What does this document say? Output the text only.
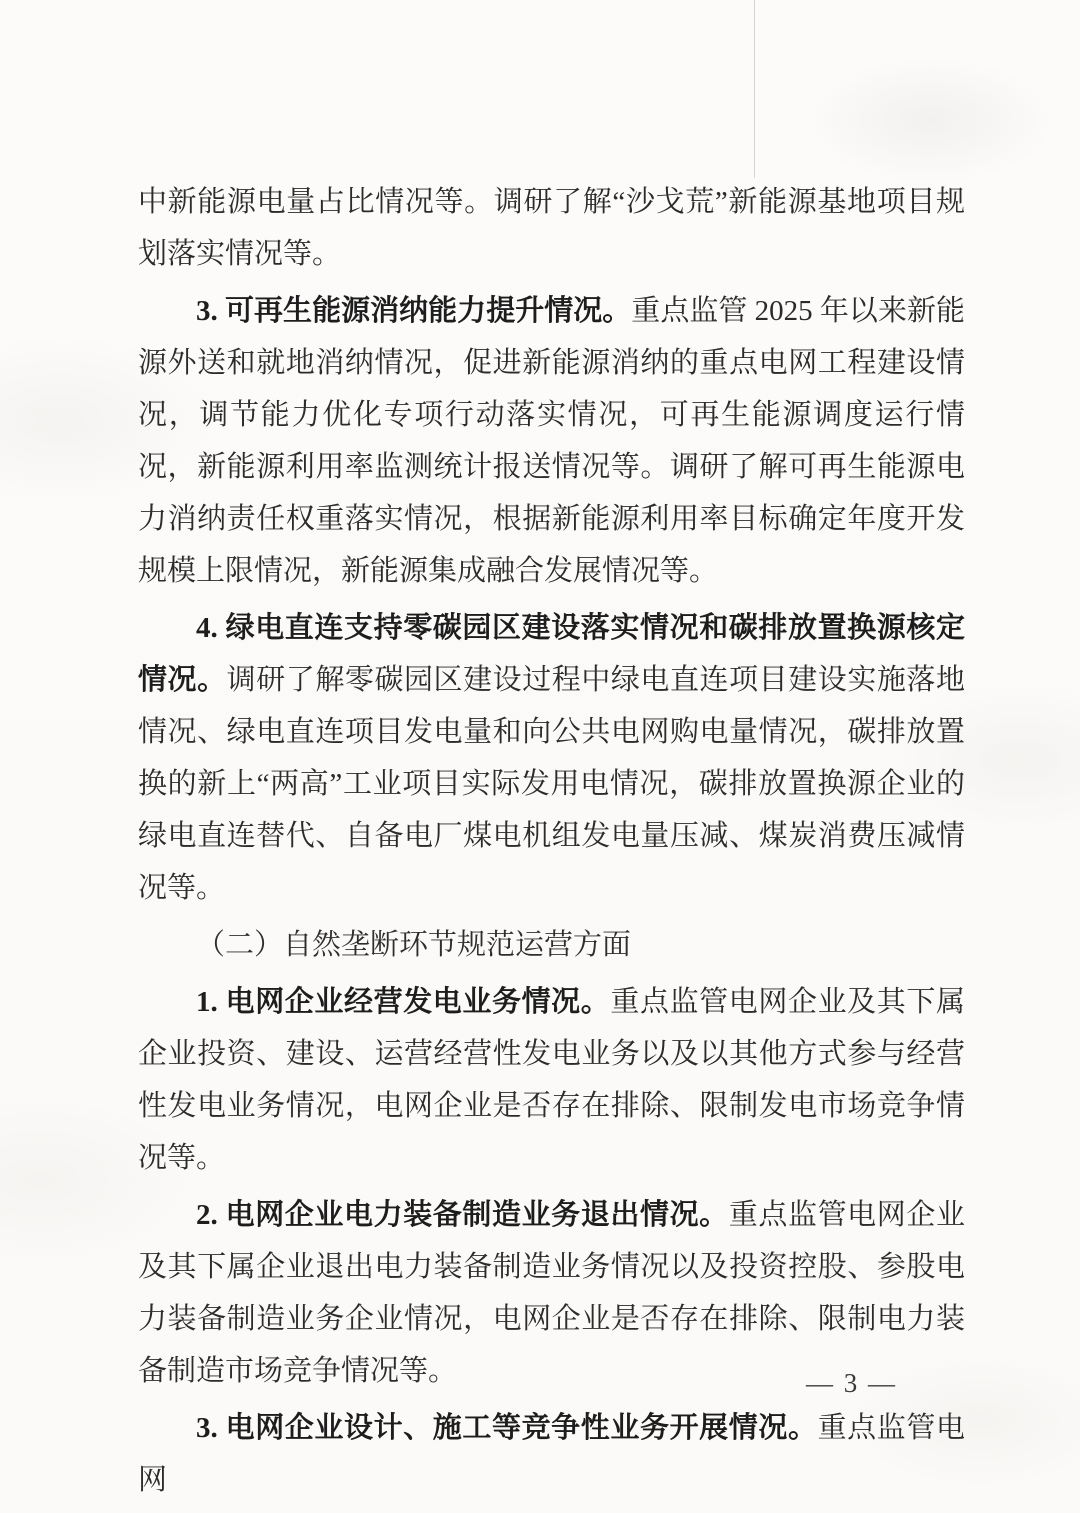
中新能源电量占比情况等。调研了解“沙戈荒”新能源基地项目规划落实情况等。

3. 可再生能源消纳能力提升情况。重点监管 2025 年以来新能源外送和就地消纳情况，促进新能源消纳的重点电网工程建设情况，调节能力优化专项行动落实情况，可再生能源调度运行情况，新能源利用率监测统计报送情况等。调研了解可再生能源电力消纳责任权重落实情况，根据新能源利用率目标确定年度开发规模上限情况，新能源集成融合发展情况等。

4. 绿电直连支持零碳园区建设落实情况和碳排放置换源核定情况。调研了解零碳园区建设过程中绿电直连项目建设实施落地情况、绿电直连项目发电量和向公共电网购电量情况，碳排放置换的新上“两高”工业项目实际发用电情况，碳排放置换源企业的绿电直连替代、自备电厂煤电机组发电量压减、煤炭消费压减情况等。

（二）自然垄断环节规范运营方面

1. 电网企业经营发电业务情况。重点监管电网企业及其下属企业投资、建设、运营经营性发电业务以及以其他方式参与经营性发电业务情况，电网企业是否存在排除、限制发电市场竞争情况等。

2. 电网企业电力装备制造业务退出情况。重点监管电网企业及其下属企业退出电力装备制造业务情况以及投资控股、参股电力装备制造业务企业情况，电网企业是否存在排除、限制电力装备制造市场竞争情况等。

3. 电网企业设计、施工等竞争性业务开展情况。重点监管电网

— 3 —
